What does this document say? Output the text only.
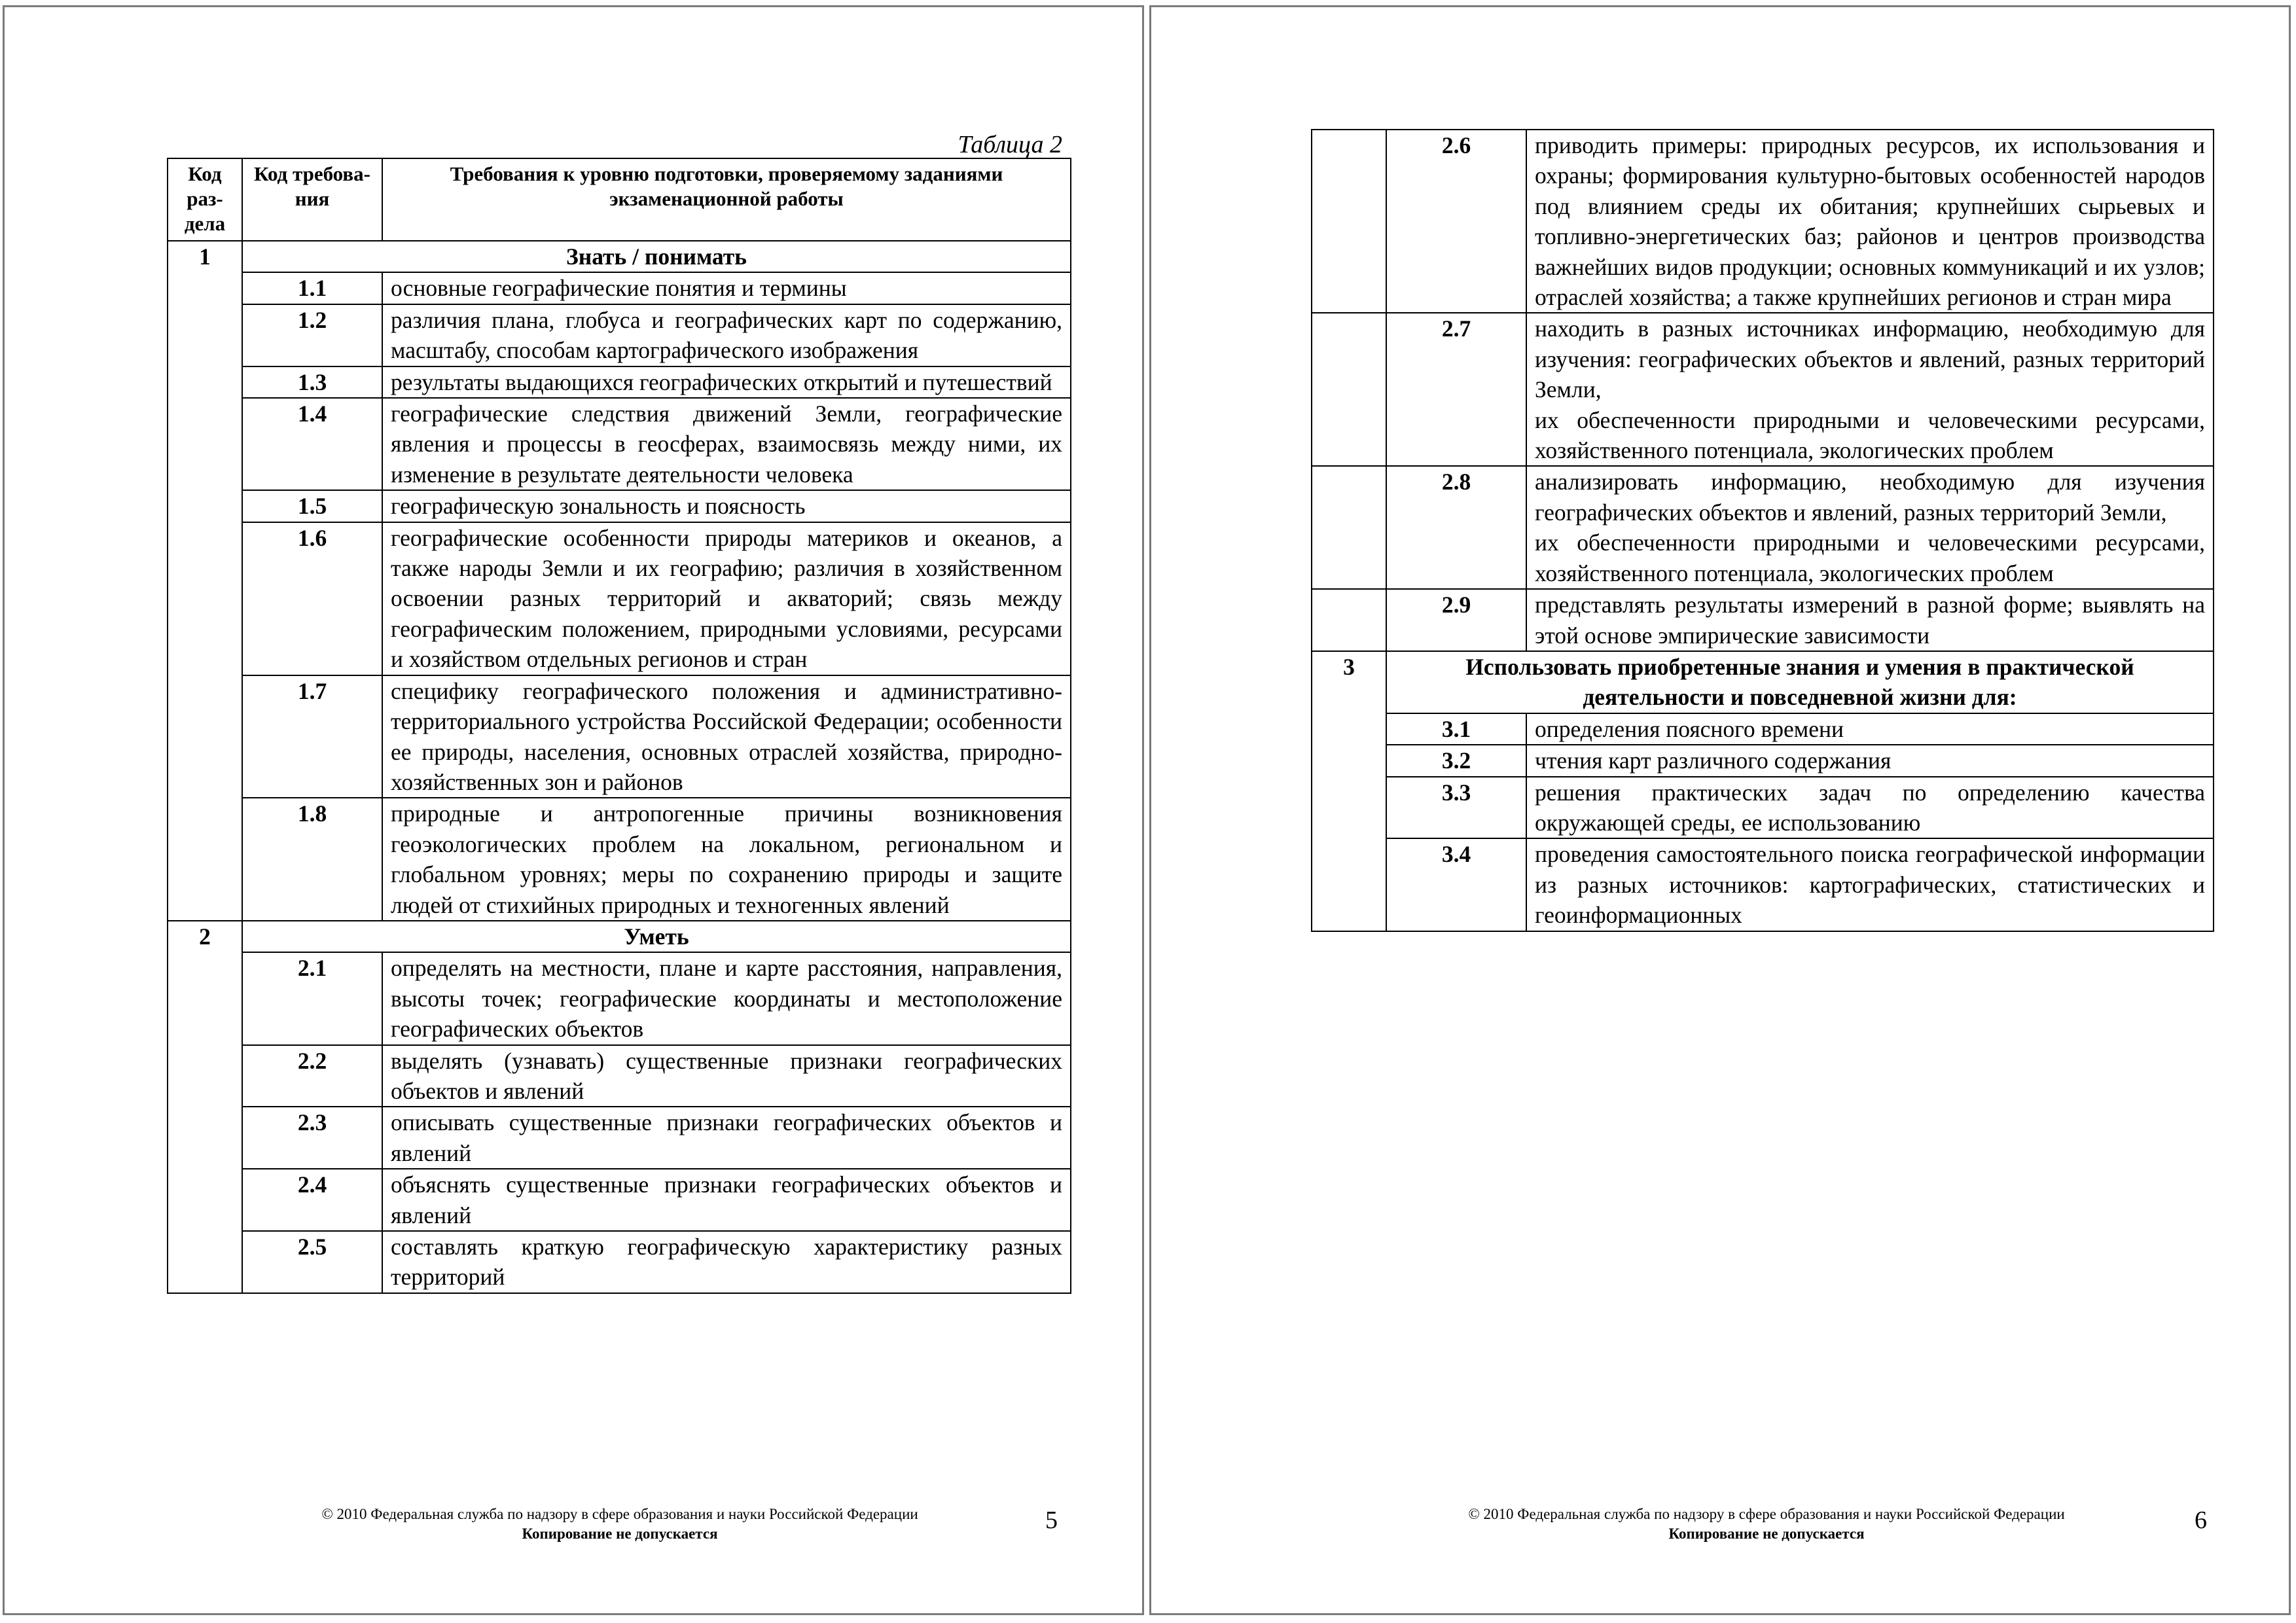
Таблица 2
Код раз-дела	Код требова-ния	Требования к уровню подготовки, проверяемому заданиями экзаменационной работы
1	Знать / понимать	
	1.1	основные географические понятия и термины
	1.2	различия плана, глобуса и географических карт по содержанию, масштабу, способам картографического изображения
	1.3	результаты выдающихся географических открытий и путешествий
	1.4	географические следствия движений Земли, географические явления и процессы в геосферах, взаимосвязь между ними, их изменение в результате деятельности человека
	1.5	географическую зональность и поясность
	1.6	географические особенности природы материков и океанов, а также народы Земли и их географию; различия в хозяйственном освоении разных территорий и акваторий; связь между географическим положением, природными условиями, ресурсами и хозяйством отдельных регионов и стран
	1.7	специфику географического положения и административно-территориального устройства Российской Федерации; особенности ее природы, населения, основных отраслей хозяйства, природно-хозяйственных зон и районов
	1.8	природные и антропогенные причины возникновения геоэкологических проблем на локальном, региональном и глобальном уровнях; меры по сохранению природы и защите людей от стихийных природных и техногенных явлений
2	Уметь	
	2.1	определять на местности, плане и карте расстояния, направления, высоты точек; географические координаты и местоположение географических объектов
	2.2	выделять (узнавать) существенные признаки географических объектов и явлений
	2.3	описывать существенные признаки географических объектов и явлений
	2.4	объяснять существенные признаки географических объектов и явлений
	2.5	составлять краткую географическую характеристику разных территорий
© 2010 Федеральная служба по надзору в сфере образования и науки Российской Федерации
Копирование не допускается	5
	2.6	приводить примеры: природных ресурсов, их использования и охраны; формирования культурно-бытовых особенностей народов под влиянием среды их обитания; крупнейших сырьевых и топливно-энергетических баз; районов и центров производства важнейших видов продукции; основных коммуникаций и их узлов; отраслей хозяйства; а также крупнейших регионов и стран мира
	2.7	находить в разных источниках информацию, необходимую для изучения: географических объектов и явлений, разных территорий Земли,
их обеспеченности природными и человеческими ресурсами, хозяйственного потенциала, экологических проблем
	2.8	анализировать информацию, необходимую для изучения географических объектов и явлений, разных территорий Земли,
их обеспеченности природными и человеческими ресурсами, хозяйственного потенциала, экологических проблем
	2.9	представлять результаты измерений в разной форме; выявлять на этой основе эмпирические зависимости
3	Использовать приобретенные знания и умения в практической деятельности и повседневной жизни для:	
	3.1	определения поясного времени
	3.2	чтения карт различного содержания
	3.3	решения практических задач по определению качества окружающей среды, ее использованию
	3.4	проведения самостоятельного поиска географической информации из разных источников: картографических, статистических и геоинформационных
© 2010 Федеральная служба по надзору в сфере образования и науки Российской Федерации
Копирование не допускается	6
